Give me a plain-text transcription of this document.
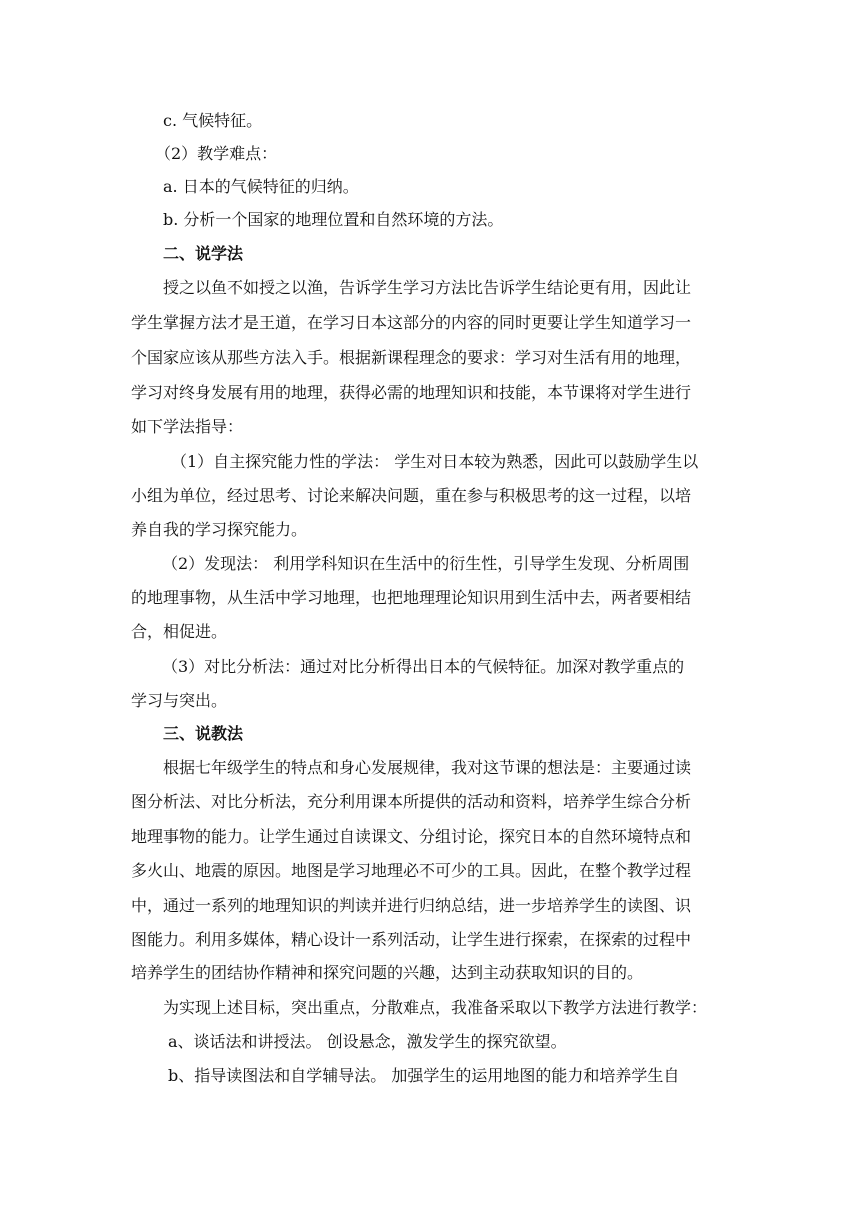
c. 气候特征。
（2）教学难点：
a. 日本的气候特征的归纳。
b. 分析一个国家的地理位置和自然环境的方法。
二、说学法
授之以鱼不如授之以渔，告诉学生学习方法比告诉学生结论更有用，因此让
学生掌握方法才是王道，在学习日本这部分的内容的同时更要让学生知道学习一
个国家应该从那些方法入手。根据新课程理念的要求：学习对生活有用的地理，
学习对终身发展有用的地理，获得必需的地理知识和技能，本节课将对学生进行
如下学法指导：
（1）自主探究能力性的学法： 学生对日本较为熟悉，因此可以鼓励学生以
小组为单位，经过思考、讨论来解决问题，重在参与积极思考的这一过程，以培
养自我的学习探究能力。
（2）发现法： 利用学科知识在生活中的衍生性，引导学生发现、分析周围
的地理事物，从生活中学习地理，也把地理理论知识用到生活中去，两者要相结
合，相促进。
（3）对比分析法：通过对比分析得出日本的气候特征。加深对教学重点的
学习与突出。
三、说教法
根据七年级学生的特点和身心发展规律，我对这节课的想法是：主要通过读
图分析法、对比分析法，充分利用课本所提供的活动和资料，培养学生综合分析
地理事物的能力。让学生通过自读课文、分组讨论，探究日本的自然环境特点和
多火山、地震的原因。地图是学习地理必不可少的工具。因此，在整个教学过程
中，通过一系列的地理知识的判读并进行归纳总结，进一步培养学生的读图、识
图能力。利用多媒体，精心设计一系列活动，让学生进行探索，在探索的过程中
培养学生的团结协作精神和探究问题的兴趣，达到主动获取知识的目的。
为实现上述目标，突出重点，分散难点，我准备采取以下教学方法进行教学：
a、谈话法和讲授法。 创设悬念，激发学生的探究欲望。
b、指导读图法和自学辅导法。 加强学生的运用地图的能力和培养学生自
